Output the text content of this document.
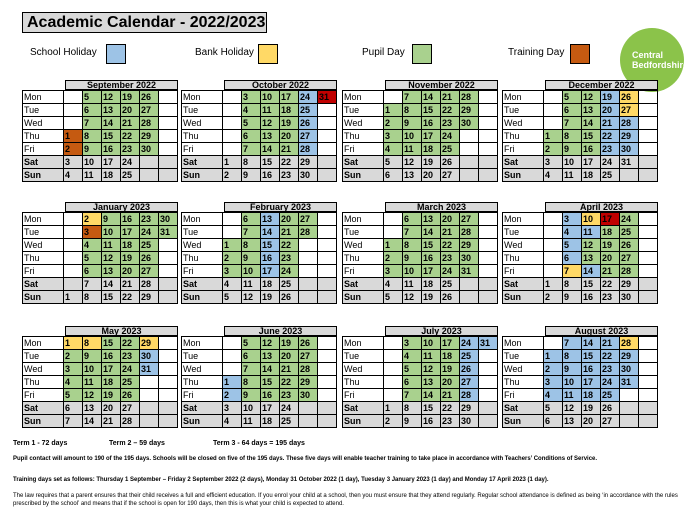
Academic Calendar - 2022/2023
Central
Bedfordshire
School Holiday	Bank Holiday	Pupil Day	Training Day
September 2022
Mon		5	12	19	26	
Tue		6	13	20	27	
Wed		7	14	21	28	
Thu	1	8	15	22	29	
Fri	2	9	16	23	30	
Sat	3	10	17	24		
Sun	4	11	18	25		
October 2022
Mon		3	10	17	24	31
Tue		4	11	18	25	
Wed		5	12	19	26	
Thu		6	13	20	27	
Fri		7	14	21	28	
Sat	1	8	15	22	29	
Sun	2	9	16	23	30	
November 2022
Mon		7	14	21	28	
Tue	1	8	15	22	29	
Wed	2	9	16	23	30	
Thu	3	10	17	24		
Fri	4	11	18	25		
Sat	5	12	19	26		
Sun	6	13	20	27		
December 2022
Mon		5	12	19	26	
Tue		6	13	20	27	
Wed		7	14	21	28	
Thu	1	8	15	22	29	
Fri	2	9	16	23	30	
Sat	3	10	17	24	31	
Sun	4	11	18	25		
January 2023
Mon		2	9	16	23	30
Tue		3	10	17	24	31
Wed		4	11	18	25	
Thu		5	12	19	26	
Fri		6	13	20	27	
Sat		7	14	21	28	
Sun	1	8	15	22	29	
February 2023
Mon		6	13	20	27	
Tue		7	14	21	28	
Wed	1	8	15	22		
Thu	2	9	16	23		
Fri	3	10	17	24		
Sat	4	11	18	25		
Sun	5	12	19	26		
March 2023
Mon		6	13	20	27	
Tue		7	14	21	28	
Wed	1	8	15	22	29	
Thu	2	9	16	23	30	
Fri	3	10	17	24	31	
Sat	4	11	18	25		
Sun	5	12	19	26		
April 2023
Mon		3	10	17	24	
Tue		4	11	18	25	
Wed		5	12	19	26	
Thu		6	13	20	27	
Fri		7	14	21	28	
Sat	1	8	15	22	29	
Sun	2	9	16	23	30	
May 2023
Mon	1	8	15	22	29	
Tue	2	9	16	23	30	
Wed	3	10	17	24	31	
Thu	4	11	18	25		
Fri	5	12	19	26		
Sat	6	13	20	27		
Sun	7	14	21	28		
June 2023
Mon		5	12	19	26	
Tue		6	13	20	27	
Wed		7	14	21	28	
Thu	1	8	15	22	29	
Fri	2	9	16	23	30	
Sat	3	10	17	24		
Sun	4	11	18	25		
July 2023
Mon		3	10	17	24	31
Tue		4	11	18	25	
Wed		5	12	19	26	
Thu		6	13	20	27	
Fri		7	14	21	28	
Sat	1	8	15	22	29	
Sun	2	9	16	23	30	
August 2023
Mon		7	14	21	28	
Tue	1	8	15	22	29	
Wed	2	9	16	23	30	
Thu	3	10	17	24	31	
Fri	4	11	18	25		
Sat	5	12	19	26		
Sun	6	13	20	27		
Term 1 - 72 days	Term 2 – 59 days	Term 3 - 64 days = 195 days
Pupil contact will amount to 190 of the 195 days. Schools will be closed on five of the 195 days. These five days will enable teacher training to take place in accordance with Teachers’ Conditions of Service.
Training days set as follows: Thursday 1 September – Friday 2 September 2022 (2 days), Monday 31 October 2022 (1 day), Tuesday 3 January 2023 (1 day) and Monday 17 April 2023 (1 day).
The law requires that a parent ensures that their child receives a full and efficient education. If you enrol your child at a school, then you must ensure that they attend regularly. Regular school attendance is defined as being ‘in accordance with the rules prescribed by the school’ and means that if the school is open for 190 days, then this is what your child is expected to attend.
